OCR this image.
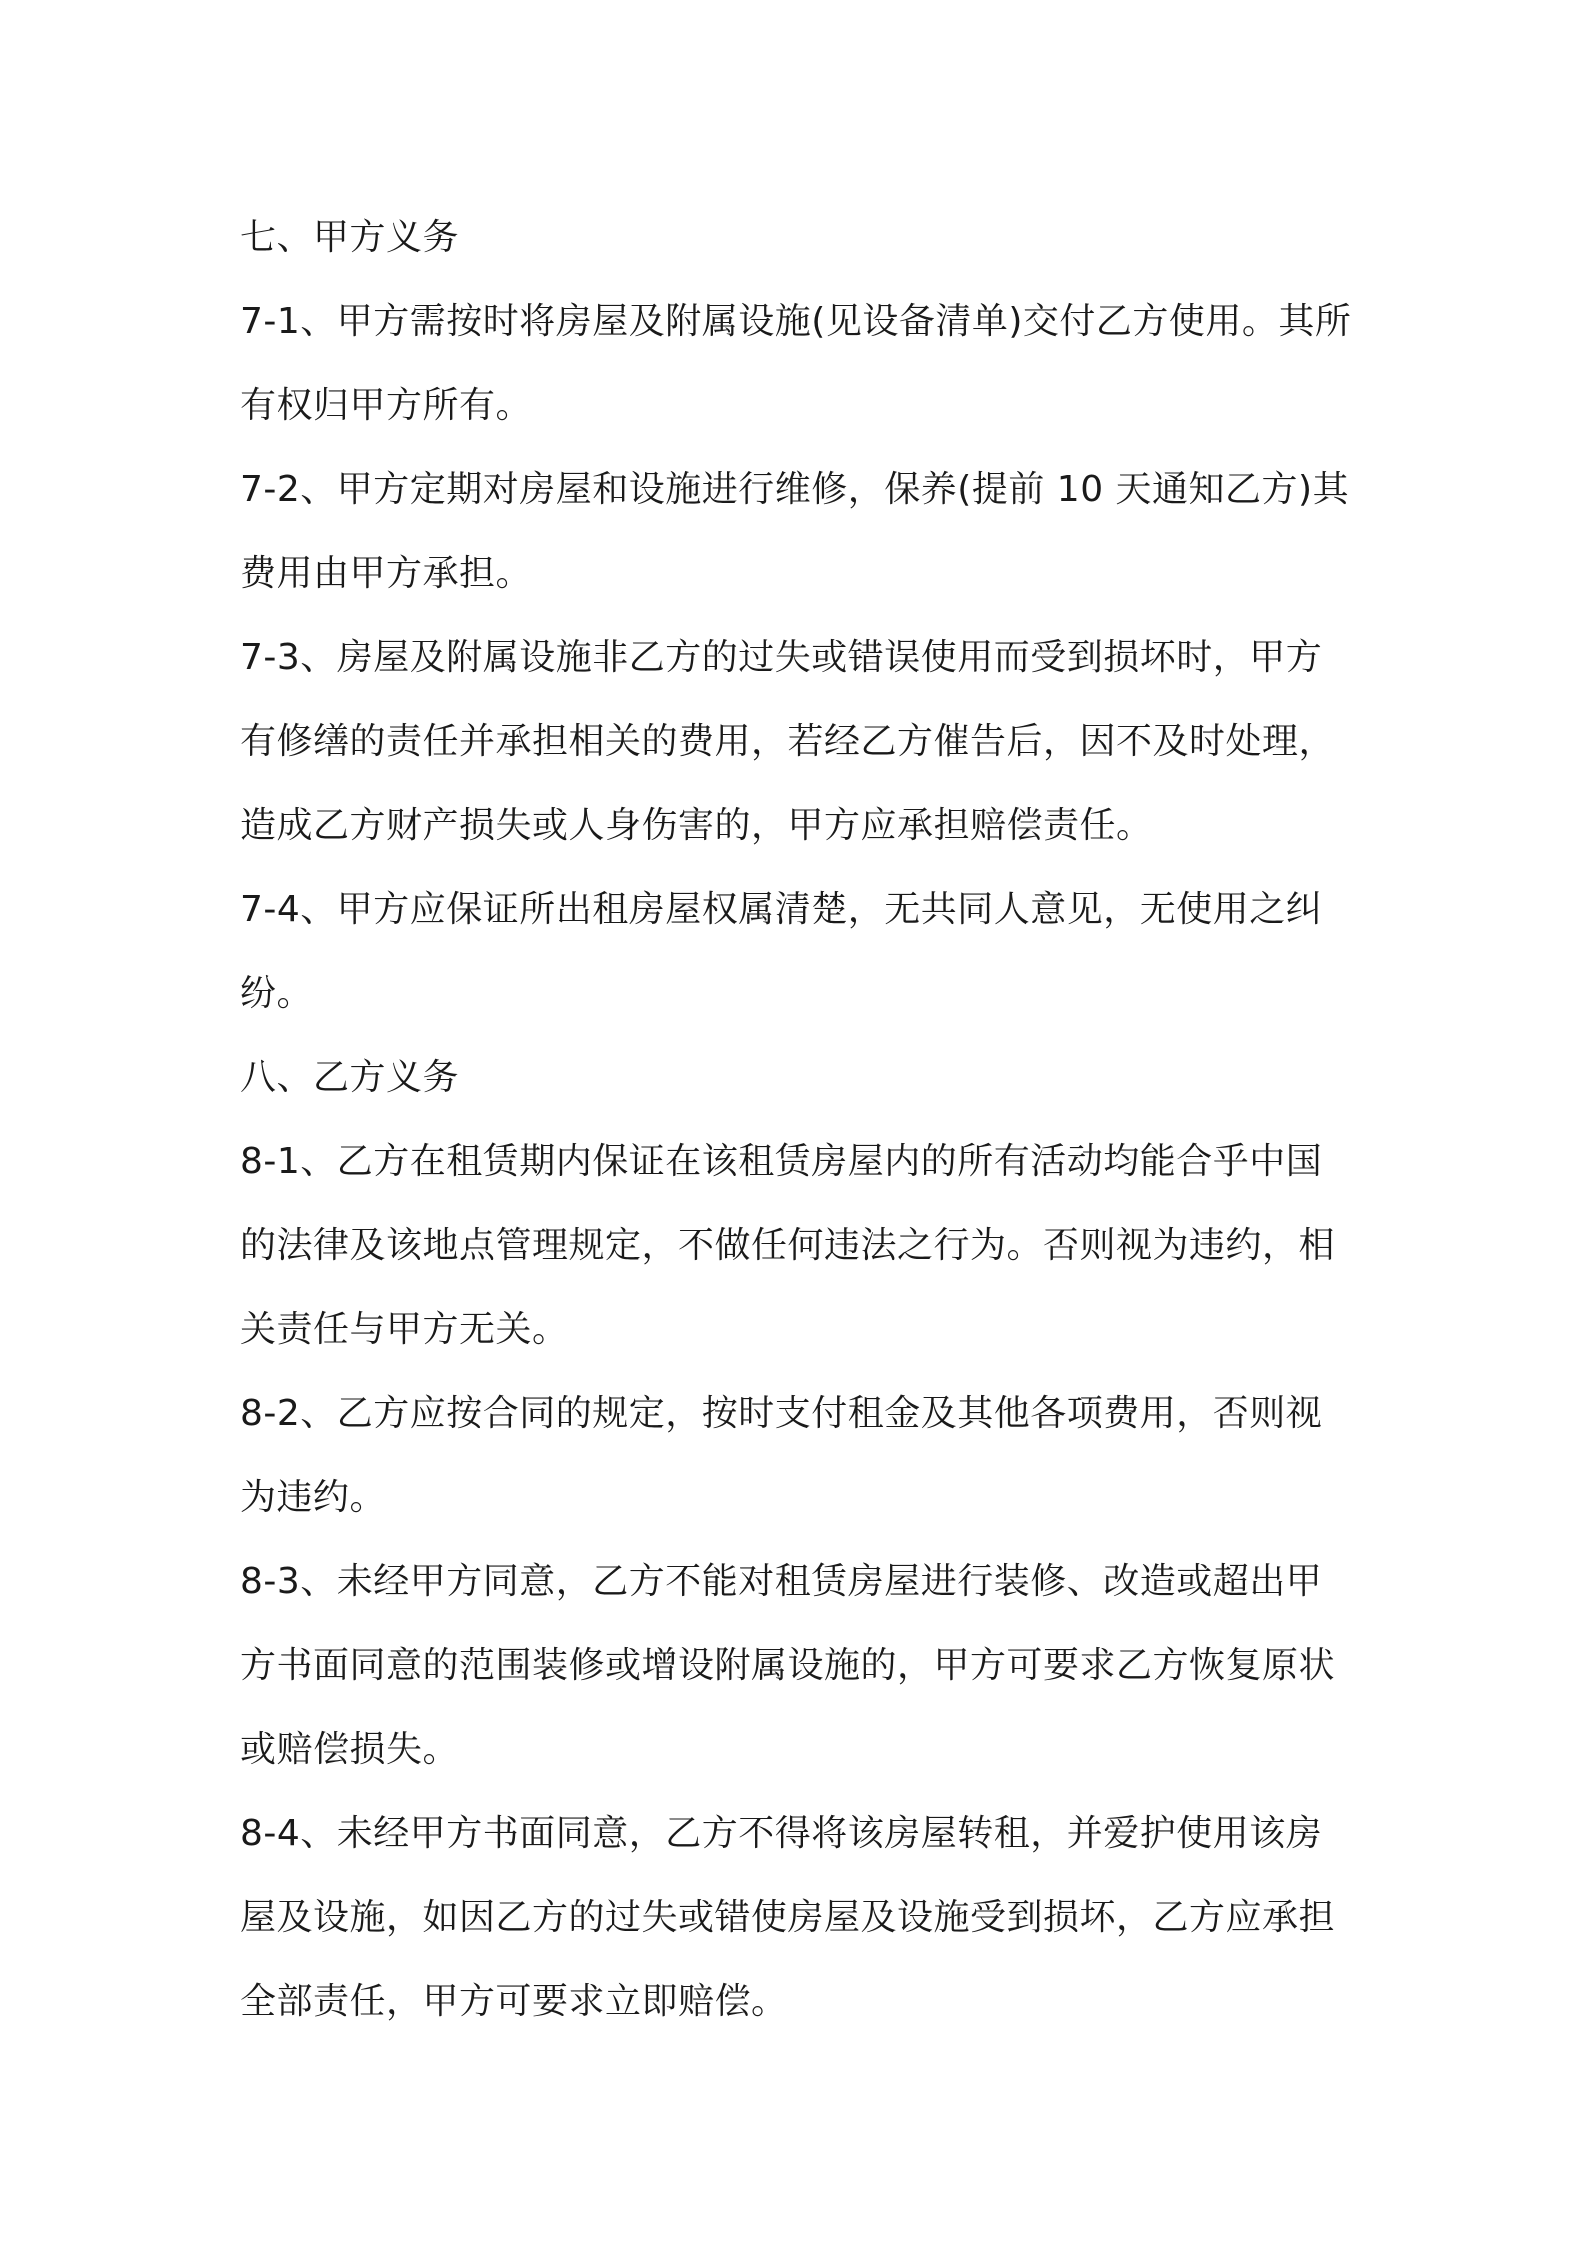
七、甲方义务

7-1、甲方需按时将房屋及附属设施(见设备清单)交付乙方使用。其所有权归甲方所有。

7-2、甲方定期对房屋和设施进行维修，保养(提前 10 天通知乙方)其费用由甲方承担。

7-3、房屋及附属设施非乙方的过失或错误使用而受到损坏时，甲方有修缮的责任并承担相关的费用，若经乙方催告后，因不及时处理，造成乙方财产损失或人身伤害的，甲方应承担赔偿责任。

7-4、甲方应保证所出租房屋权属清楚，无共同人意见，无使用之纠纷。

八、乙方义务

8-1、乙方在租赁期内保证在该租赁房屋内的所有活动均能合乎中国的法律及该地点管理规定，不做任何违法之行为。否则视为违约，相关责任与甲方无关。

8-2、乙方应按合同的规定，按时支付租金及其他各项费用，否则视为违约。

8-3、未经甲方同意，乙方不能对租赁房屋进行装修、改造或超出甲方书面同意的范围装修或增设附属设施的，甲方可要求乙方恢复原状或赔偿损失。

8-4、未经甲方书面同意，乙方不得将该房屋转租，并爱护使用该房屋及设施，如因乙方的过失或错使房屋及设施受到损坏，乙方应承担全部责任，甲方可要求立即赔偿。
